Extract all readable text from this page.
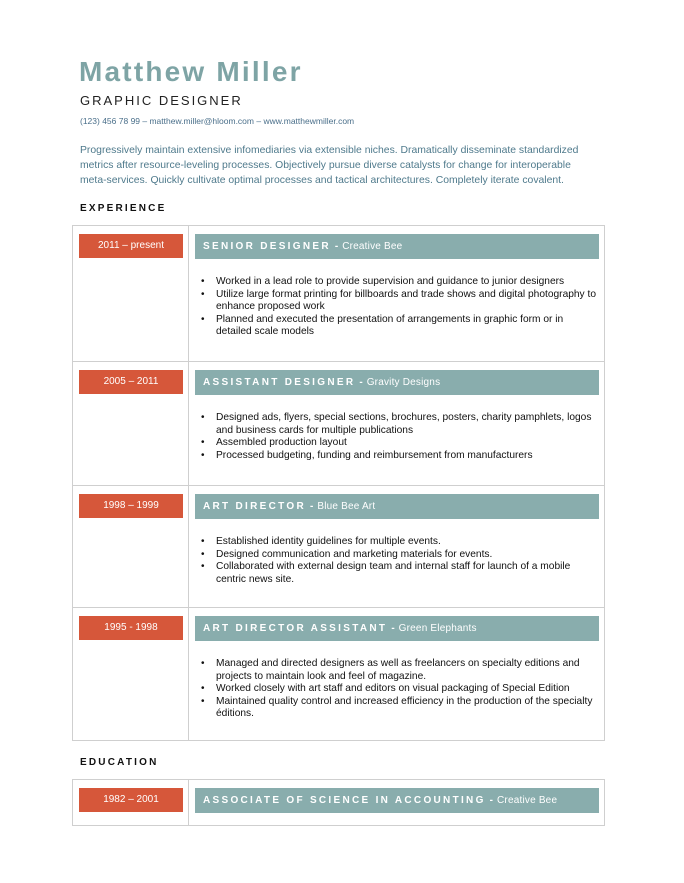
Matthew Miller
GRAPHIC DESIGNER
(123) 456 78 99 – matthew.miller@hloom.com – www.matthewmiller.com
Progressively maintain extensive infomediaries via extensible niches. Dramatically disseminate standardized metrics after resource-leveling processes. Objectively pursue diverse catalysts for change for interoperable meta-services. Quickly cultivate optimal processes and tactical architectures. Completely iterate covalent.
EXPERIENCE
2011 – present	SENIOR DESIGNER - Creative Bee
• Worked in a lead role to provide supervision and guidance to junior designers
• Utilize large format printing for billboards and trade shows and digital photography to enhance proposed work
• Planned and executed the presentation of arrangements in graphic form or in detailed scale models
2005 – 2011	ASSISTANT DESIGNER - Gravity Designs
• Designed ads, flyers, special sections, brochures, posters, charity pamphlets, logos and business cards for multiple publications
• Assembled production layout
• Processed budgeting, funding and reimbursement from manufacturers
1998 – 1999	ART DIRECTOR - Blue Bee Art
• Established identity guidelines for multiple events.
• Designed communication and marketing materials for events.
• Collaborated with external design team and internal staff for launch of a mobile centric news site.
1995 - 1998	ART DIRECTOR ASSISTANT - Green Elephants
• Managed and directed designers as well as freelancers on specialty editions and projects to maintain look and feel of magazine.
• Worked closely with art staff and editors on visual packaging of Special Edition
• Maintained quality control and increased efficiency in the production of the specialty éditions.
EDUCATION
1982 – 2001	ASSOCIATE OF SCIENCE IN ACCOUNTING - Creative Bee
